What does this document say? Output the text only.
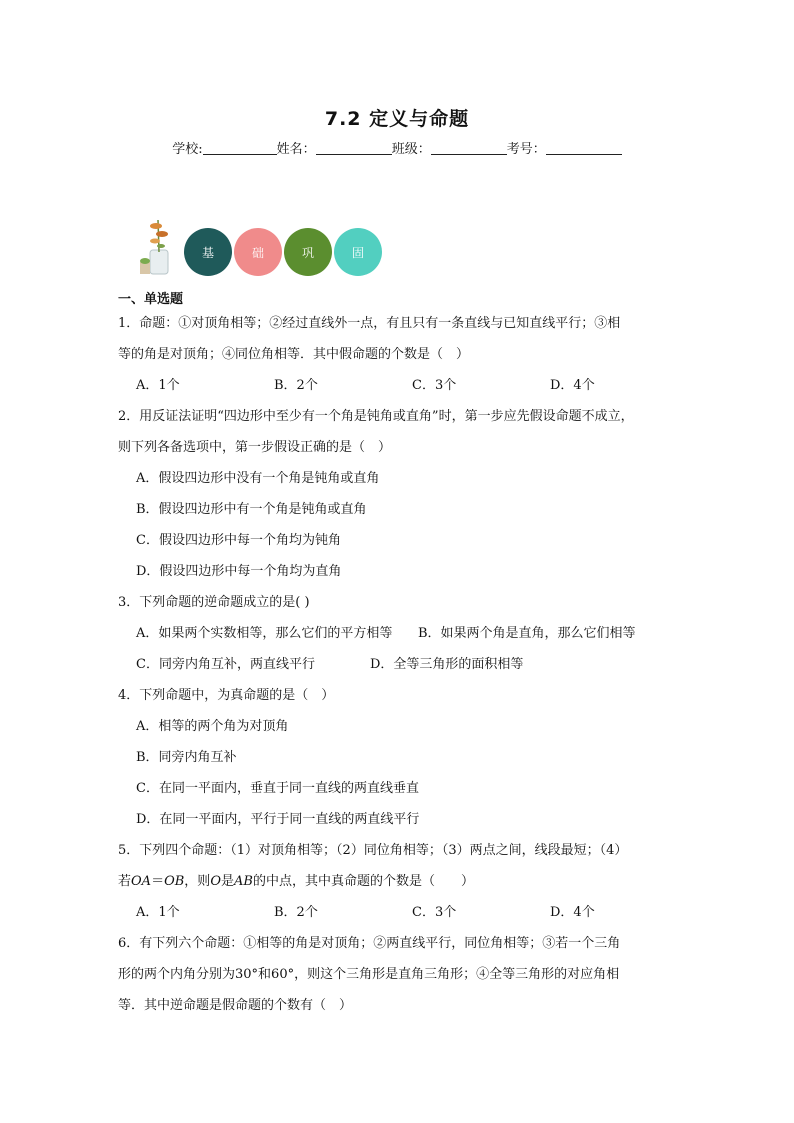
7.2 定义与命题
学校:	姓名：	班级：	考号：
基	础	巩	固
一、单选题
1．命题：①对顶角相等；②经过直线外一点，有且只有一条直线与已知直线平行；③相
等的角是对顶角；④同位角相等．其中假命题的个数是（　）
A．1个	B．2个	C．3个	D．4个
2．用反证法证明“四边形中至少有一个角是钝角或直角”时，第一步应先假设命题不成立，
则下列各备选项中，第一步假设正确的是（　）
A．假设四边形中没有一个角是钝角或直角
B．假设四边形中有一个角是钝角或直角
C．假设四边形中每一个角均为钝角
D．假设四边形中每一个角均为直角
3．下列命题的逆命题成立的是( )
A．如果两个实数相等，那么它们的平方相等 B．如果两个角是直角，那么它们相等
C．同旁内角互补，两直线平行	D．全等三角形的面积相等
4．下列命题中，为真命题的是（　）
A．相等的两个角为对顶角
B．同旁内角互补
C．在同一平面内，垂直于同一直线的两直线垂直
D．在同一平面内，平行于同一直线的两直线平行
5．下列四个命题：（1）对顶角相等；（2）同位角相等；（3）两点之间，线段最短；（4）
若OA＝OB，则O是AB的中点，其中真命题的个数是（　　）
A．1个	B．2个	C．3个	D．4个
6．有下列六个命题：①相等的角是对顶角；②两直线平行，同位角相等；③若一个三角
形的两个内角分别为30°和60°，则这个三角形是直角三角形；④全等三角形的对应角相
等．其中逆命题是假命题的个数有（　）
